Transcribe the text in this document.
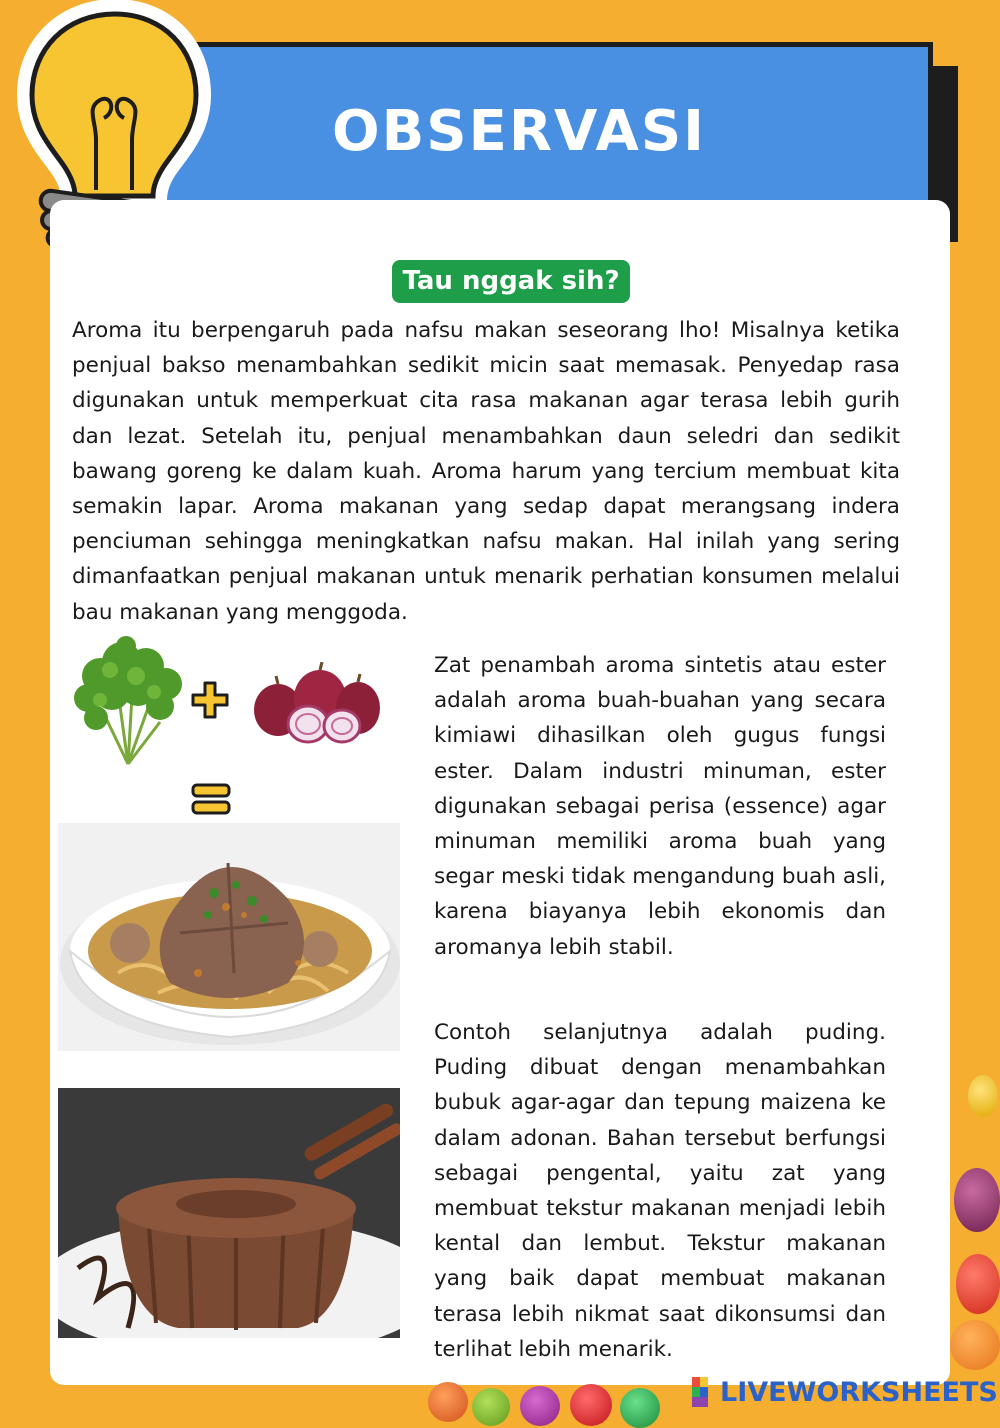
OBSERVASI
Tau nggak sih?
Aroma itu berpengaruh pada nafsu makan seseorang lho! Misalnya ketika penjual bakso menambahkan sedikit micin saat memasak. Penyedap rasa digunakan untuk memperkuat cita rasa makanan agar terasa lebih gurih dan lezat. Setelah itu, penjual menambahkan daun seledri dan sedikit bawang goreng ke dalam kuah. Aroma harum yang tercium membuat kita semakin lapar. Aroma makanan yang sedap dapat merangsang indera penciuman sehingga meningkatkan nafsu makan. Hal inilah yang sering dimanfaatkan penjual makanan untuk menarik perhatian konsumen melalui bau makanan yang menggoda.
Zat penambah aroma sintetis atau ester adalah aroma buah-buahan yang secara kimiawi dihasilkan oleh gugus fungsi ester. Dalam industri minuman, ester digunakan sebagai perisa (essence) agar minuman memiliki aroma buah yang segar meski tidak mengandung buah asli, karena biayanya lebih ekonomis dan aromanya lebih stabil.
Contoh selanjutnya adalah puding. Puding dibuat dengan menambahkan bubuk agar-agar dan tepung maizena ke dalam adonan. Bahan tersebut berfungsi sebagai pengental, yaitu zat yang membuat tekstur makanan menjadi lebih kental dan lembut. Tekstur makanan yang baik dapat membuat makanan terasa lebih nikmat saat dikonsumsi dan terlihat lebih menarik.
LIVEWORKSHEETS
